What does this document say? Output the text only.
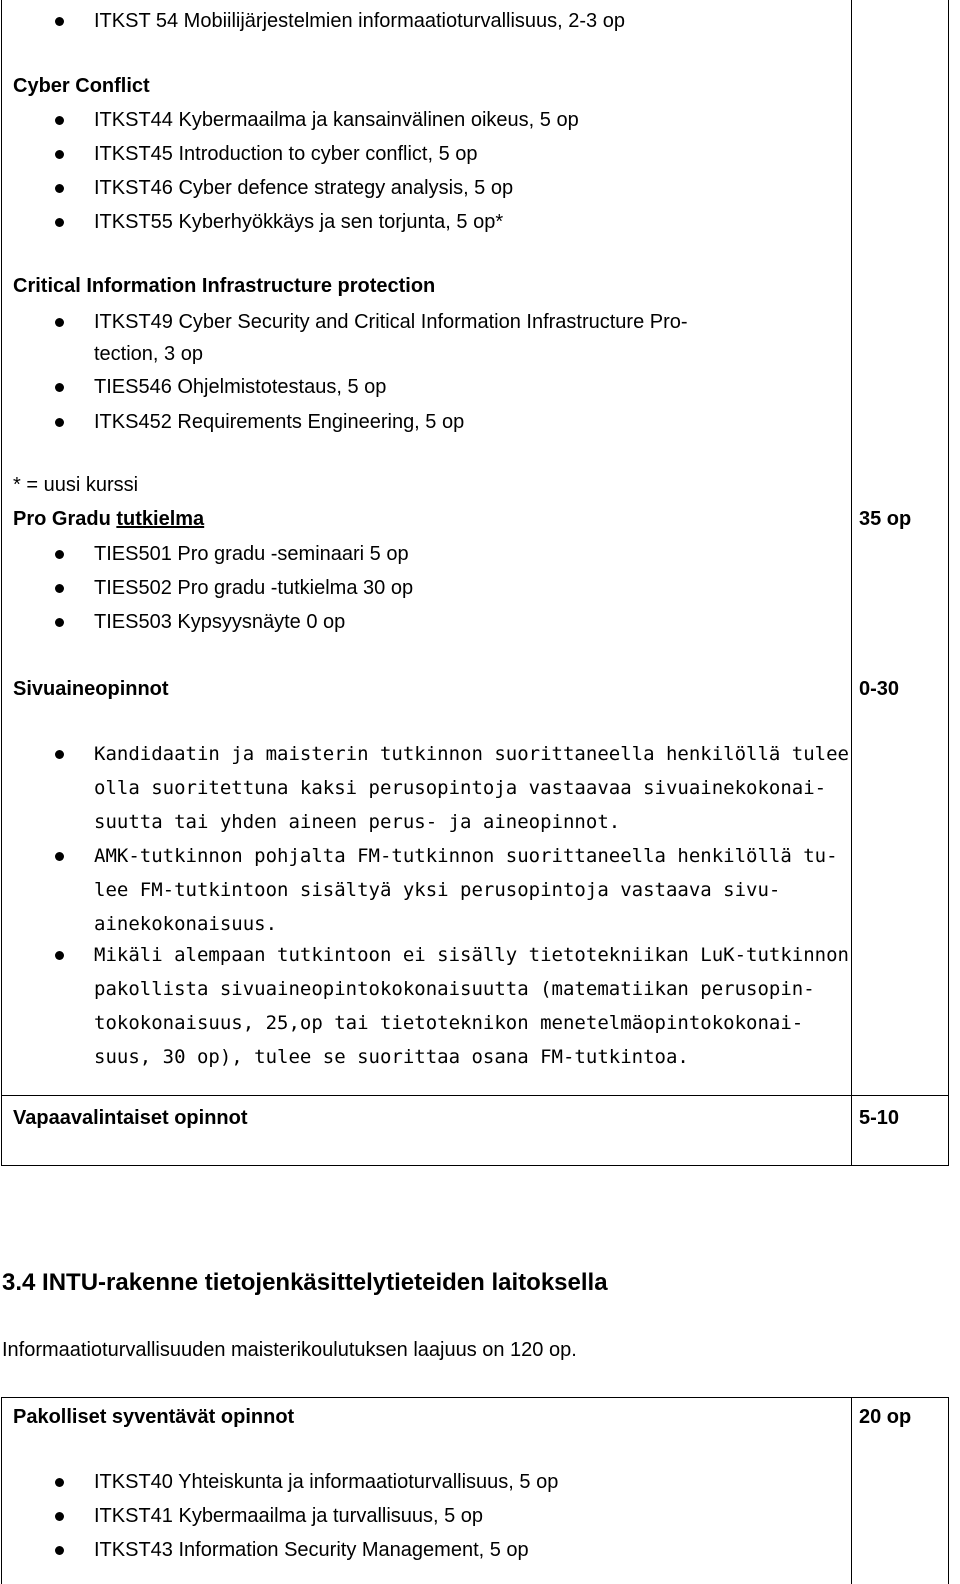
ITKST 54 Mobiilijärjestelmien informaatioturvallisuus, 2-3 op
Cyber Conflict
ITKST44 Kybermaailma ja kansainvälinen oikeus, 5 op
ITKST45 Introduction to cyber conflict, 5 op
ITKST46 Cyber defence strategy analysis, 5 op
ITKST55 Kyberhyökkäys ja sen torjunta, 5 op*
Critical Information Infrastructure protection
ITKST49 Cyber Security and Critical Information Infrastructure Pro-
tection, 3 op
TIES546 Ohjelmistotestaus, 5 op
ITKS452 Requirements Engineering, 5 op
* = uusi kurssi
Pro Gradu tutkielma	35 op
TIES501 Pro gradu -seminaari 5 op
TIES502 Pro gradu -tutkielma 30 op
TIES503 Kypsyysnäyte 0 op
Sivuaineopinnot	0-30
Kandidaatin ja maisterin tutkinnon suorittaneella henkilöllä tulee
olla suoritettuna kaksi perusopintoja vastaavaa sivuainekokonai-
suutta tai yhden aineen perus- ja aineopinnot.
AMK-tutkinnon pohjalta FM-tutkinnon suorittaneella henkilöllä tu-
lee FM-tutkintoon sisältyä yksi perusopintoja vastaava sivu-
ainekokonaisuus.
Mikäli alempaan tutkintoon ei sisälly tietotekniikan LuK-tutkinnon
pakollista sivuaineopintokokonaisuutta (matematiikan perusopin-
tokokonaisuus, 25,op tai tietoteknikon menetelmäopintokokonai-
suus, 30 op), tulee se suorittaa osana FM-tutkintoa.
Vapaavalintaiset opinnot	5-10
3.4 INTU-rakenne tietojenkäsittelytieteiden laitoksella
Informaatioturvallisuuden maisterikoulutuksen laajuus on 120 op.
Pakolliset syventävät opinnot	20 op
ITKST40 Yhteiskunta ja informaatioturvallisuus, 5 op
ITKST41 Kybermaailma ja turvallisuus, 5 op
ITKST43 Information Security Management, 5 op
